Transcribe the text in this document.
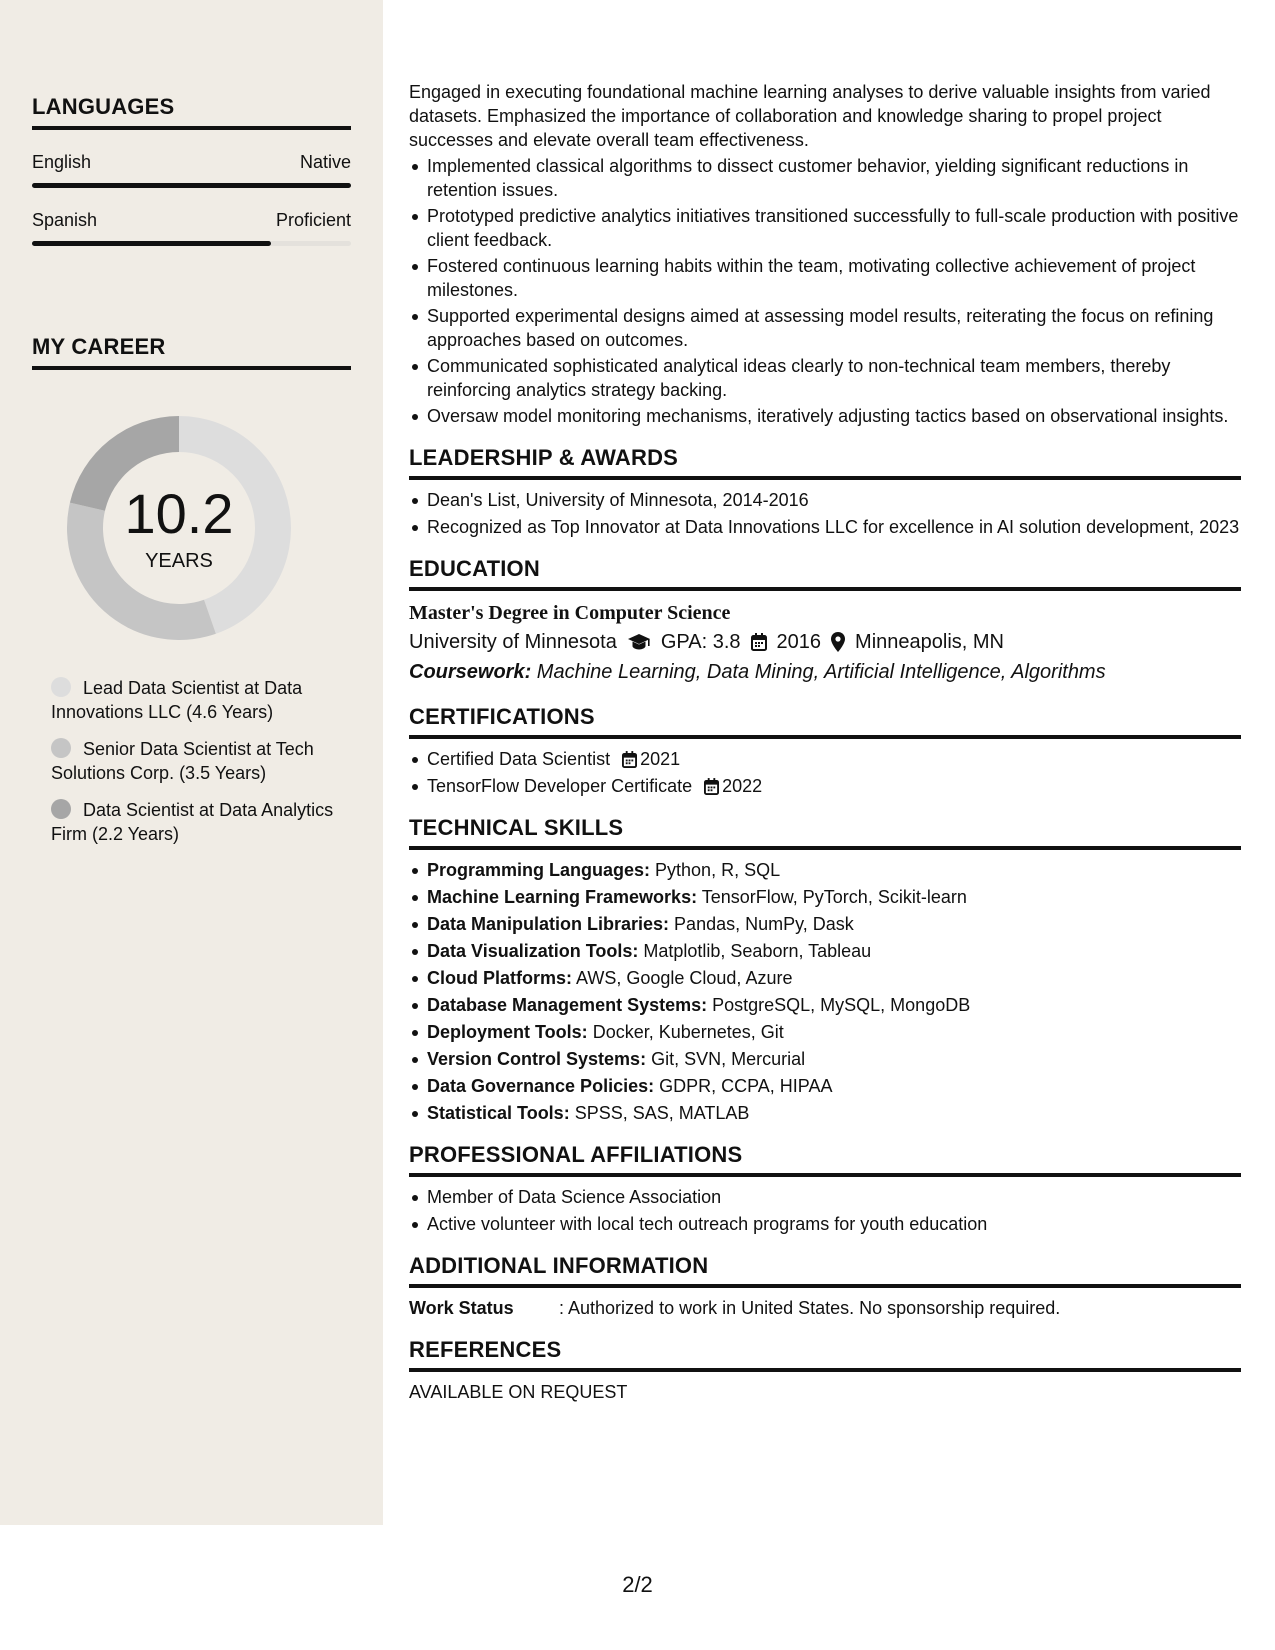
LANGUAGES
English	Native
Spanish	Proficient
MY CAREER
10.2
YEARS
Lead Data Scientist at Data Innovations LLC (4.6 Years)
Senior Data Scientist at Tech Solutions Corp. (3.5 Years)
Data Scientist at Data Analytics Firm (2.2 Years)

Engaged in executing foundational machine learning analyses to derive valuable insights from varied datasets. Emphasized the importance of collaboration and knowledge sharing to propel project successes and elevate overall team effectiveness.

Implemented classical algorithms to dissect customer behavior, yielding significant reductions in retention issues.
Prototyped predictive analytics initiatives transitioned successfully to full-scale production with positive client feedback.
Fostered continuous learning habits within the team, motivating collective achievement of project milestones.
Supported experimental designs aimed at assessing model results, reiterating the focus on refining approaches based on outcomes.
Communicated sophisticated analytical ideas clearly to non-technical team members, thereby reinforcing analytics strategy backing.
Oversaw model monitoring mechanisms, iteratively adjusting tactics based on observational insights.
LEADERSHIP & AWARDS
Dean's List, University of Minnesota, 2014-2016
Recognized as Top Innovator at Data Innovations LLC for excellence in AI solution development, 2023
EDUCATION
Master's Degree in Computer Science
University of Minnesota GPA: 3.8 2016 Minneapolis, MN
Coursework: Machine Learning, Data Mining, Artificial Intelligence, Algorithms
CERTIFICATIONS
Certified Data Scientist 2021
TensorFlow Developer Certificate 2022
TECHNICAL SKILLS
Programming Languages: Python, R, SQL
Machine Learning Frameworks: TensorFlow, PyTorch, Scikit-learn
Data Manipulation Libraries: Pandas, NumPy, Dask
Data Visualization Tools: Matplotlib, Seaborn, Tableau
Cloud Platforms: AWS, Google Cloud, Azure
Database Management Systems: PostgreSQL, MySQL, MongoDB
Deployment Tools: Docker, Kubernetes, Git
Version Control Systems: Git, SVN, Mercurial
Data Governance Policies: GDPR, CCPA, HIPAA
Statistical Tools: SPSS, SAS, MATLAB
PROFESSIONAL AFFILIATIONS
Member of Data Science Association
Active volunteer with local tech outreach programs for youth education
ADDITIONAL INFORMATION
Work Status	: Authorized to work in United States. No sponsorship required.
REFERENCES
AVAILABLE ON REQUEST
2/2
